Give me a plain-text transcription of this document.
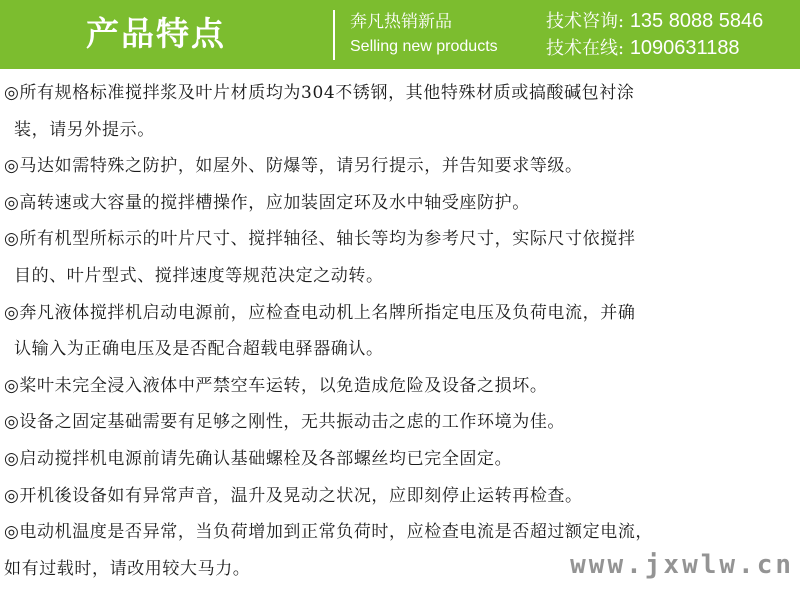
产品特点	奔凡热销新品
Selling new products
技术咨询: 135 8088 5846
技术在线: 1090631188

◎所有规格标准搅拌浆及叶片材质均为304不锈钢，其他特殊材质或搞酸碱包衬涂

装，请另外提示。

◎马达如需特殊之防护，如屋外、防爆等，请另行提示，并告知要求等级。

◎高转速或大容量的搅拌槽操作，应加装固定环及水中轴受座防护。

◎所有机型所标示的叶片尺寸、搅拌轴径、轴长等均为参考尺寸，实际尺寸依搅拌

目的、叶片型式、搅拌速度等规范决定之动转。

◎奔凡液体搅拌机启动电源前，应检查电动机上名牌所指定电压及负荷电流，并确

认输入为正确电压及是否配合超载电驿器确认。

◎桨叶未完全浸入液体中严禁空车运转，以免造成危险及设备之损坏。

◎设备之固定基础需要有足够之刚性，无共振动击之虑的工作环境为佳。

◎启动搅拌机电源前请先确认基础螺栓及各部螺丝均已完全固定。

◎开机後设备如有异常声音，温升及晃动之状况，应即刻停止运转再检查。

◎电动机温度是否异常，当负荷增加到正常负荷时，应检查电流是否超过额定电流，

如有过载时，请改用较大马力。	www.jxwlw.cn
